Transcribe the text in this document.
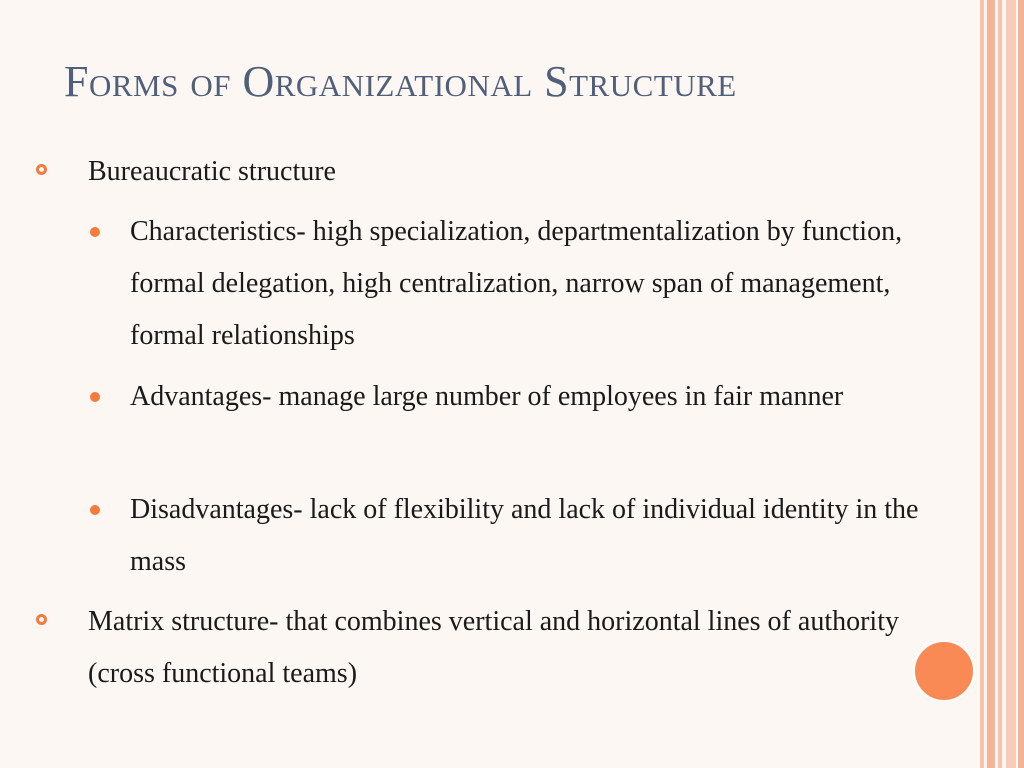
Forms of Organizational Structure
Bureaucratic structure
Characteristics- high specialization, departmentalization by function, formal delegation, high centralization, narrow span of management, formal relationships
Advantages- manage large number of employees in fair manner
Disadvantages- lack of flexibility and lack of individual identity in the mass
Matrix structure- that combines vertical and horizontal lines of authority (cross functional teams)
